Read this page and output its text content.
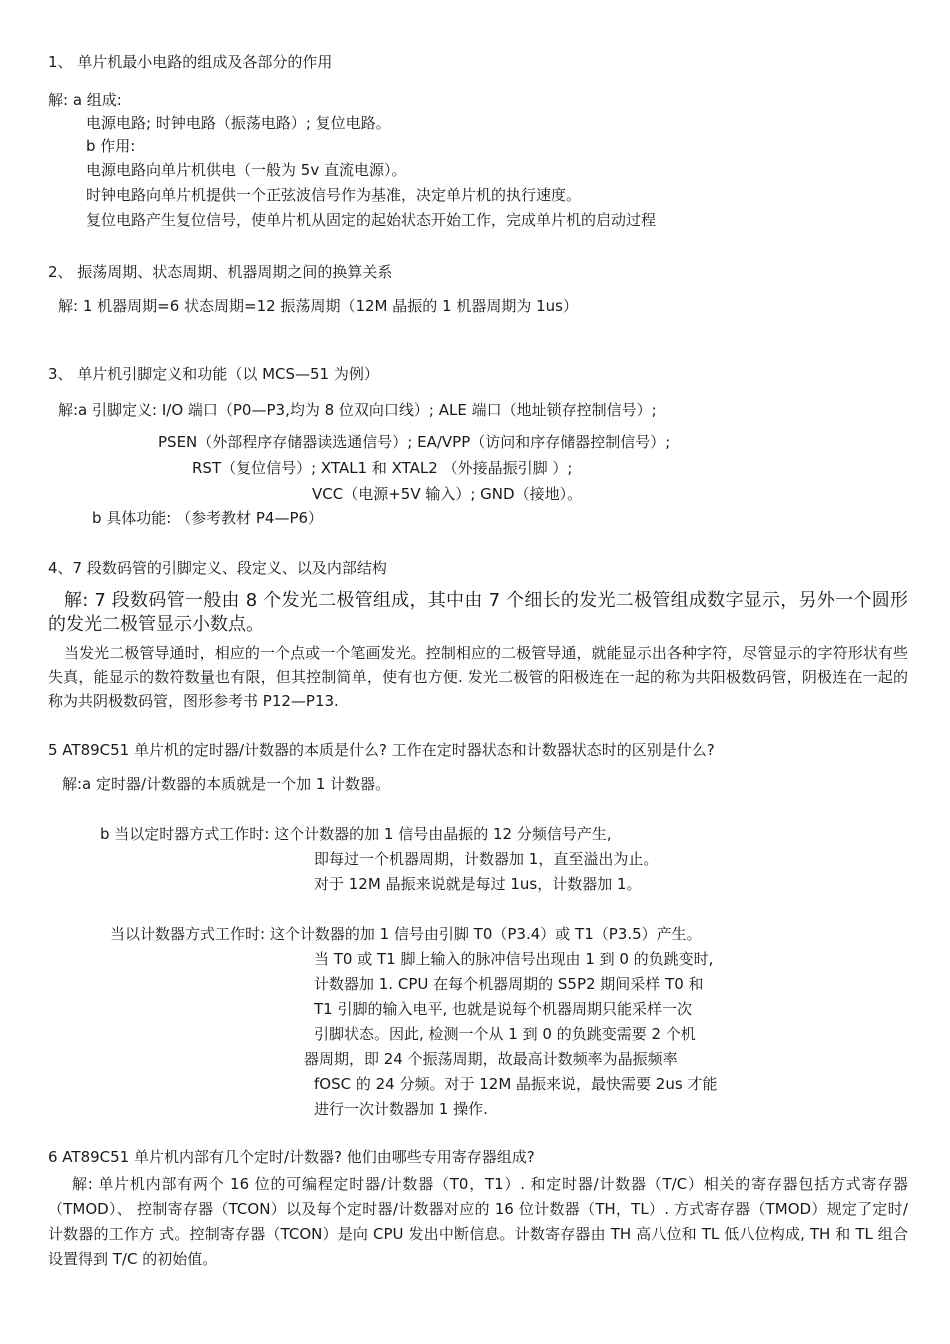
1、 单片机最小电路的组成及各部分的作用
解: a 组成:
电源电路; 时钟电路（振荡电路）; 复位电路。
b 作用:
电源电路向单片机供电（一般为 5v 直流电源）。
时钟电路向单片机提供一个正弦波信号作为基准，决定单片机的执行速度。
复位电路产生复位信号，使单片机从固定的起始状态开始工作，完成单片机的启动过程
2、 振荡周期、状态周期、机器周期之间的换算关系
解: 1 机器周期=6 状态周期=12 振荡周期（12M 晶振的 1 机器周期为 1us）
3、 单片机引脚定义和功能（以 MCS—51 为例）
解:a 引脚定义: I/O 端口（P0—P3,均为 8 位双向口线）; ALE 端口（地址锁存控制信号）;
PSEN（外部程序存储器读选通信号）; EA/VPP（访问和序存储器控制信号）;
RST（复位信号）; XTAL1 和 XTAL2 （外接晶振引脚 ）;
VCC（电源+5V 输入）; GND（接地）。
b 具体功能: （参考教材 P4—P6）
4、7 段数码管的引脚定义、段定义、以及内部结构
解: 7 段数码管一般由 8 个发光二极管组成，其中由 7 个细长的发光二极管组成数字显示，另外一个圆形的发光二极管显示小数点。
当发光二极管导通时，相应的一个点或一个笔画发光。控制相应的二极管导通，就能显示出各种字符，尽管显示的字符形状有些失真，能显示的数符数量也有限，但其控制简单，使有也方便. 发光二极管的阳极连在一起的称为共阳极数码管，阴极连在一起的称为共阴极数码管，图形参考书 P12—P13.
5 AT89C51 单片机的定时器/计数器的本质是什么? 工作在定时器状态和计数器状态时的区别是什么?
解:a 定时器/计数器的本质就是一个加 1 计数器。
b 当以定时器方式工作时: 这个计数器的加 1 信号由晶振的 12 分频信号产生,
即每过一个机器周期，计数器加 1，直至溢出为止。
对于 12M 晶振来说就是每过 1us，计数器加 1。
当以计数器方式工作时: 这个计数器的加 1 信号由引脚 T0（P3.4）或 T1（P3.5）产生。
当 T0 或 T1 脚上输入的脉冲信号出现由 1 到 0 的负跳变时,
计数器加 1. CPU 在每个机器周期的 S5P2 期间采样 T0 和
T1 引脚的输入电平, 也就是说每个机器周期只能采样一次
引脚状态。因此, 检测一个从 1 到 0 的负跳变需要 2 个机
器周期，即 24 个振荡周期，故最高计数频率为晶振频率
fOSC 的 24 分频。对于 12M 晶振来说，最快需要 2us 才能
进行一次计数器加 1 操作.
6 AT89C51 单片机内部有几个定时/计数器? 他们由哪些专用寄存器组成?
解: 单片机内部有两个 16 位的可编程定时器/计数器（T0，T1）. 和定时器/计数器（T/C）相关的寄存器包括方式寄存器（TMOD）、 控制寄存器（TCON）以及每个定时器/计数器对应的 16 位计数器（TH，TL）. 方式寄存器（TMOD）规定了定时/计数器的工作方 式。控制寄存器（TCON）是向 CPU 发出中断信息。计数寄存器由 TH 高八位和 TL 低八位构成, TH 和 TL 组合设置得到 T/C 的初始值。
